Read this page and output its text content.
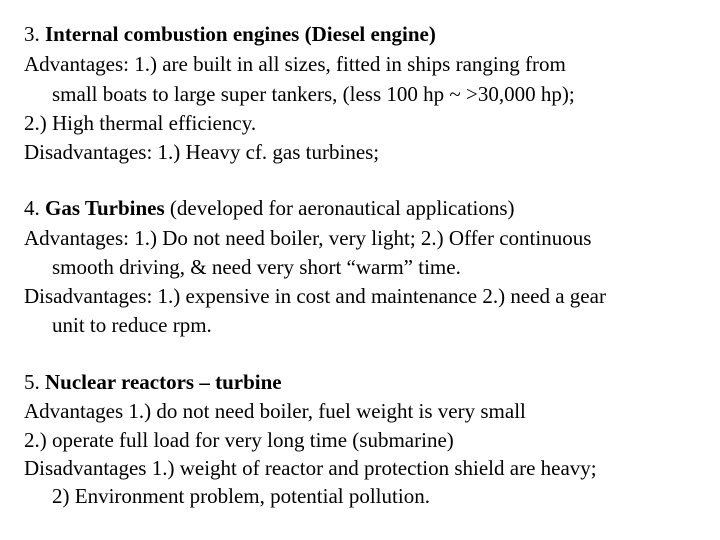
3. Internal combustion engines (Diesel engine)
Advantages: 1.) are built in all sizes, fitted in ships ranging from
small boats to large super tankers, (less 100 hp ~ >30,000 hp);
2.) High thermal efficiency.
Disadvantages: 1.) Heavy cf. gas turbines;
4. Gas Turbines (developed for aeronautical applications)
Advantages: 1.) Do not need boiler, very light; 2.) Offer continuous
smooth driving, & need very short “warm” time.
Disadvantages: 1.) expensive in cost and maintenance 2.) need a gear
unit to reduce rpm.
5. Nuclear reactors – turbine
Advantages 1.) do not need boiler, fuel weight is very small
2.) operate full load for very long time (submarine)
Disadvantages 1.) weight of reactor and protection shield are heavy;
2) Environment problem, potential pollution.
